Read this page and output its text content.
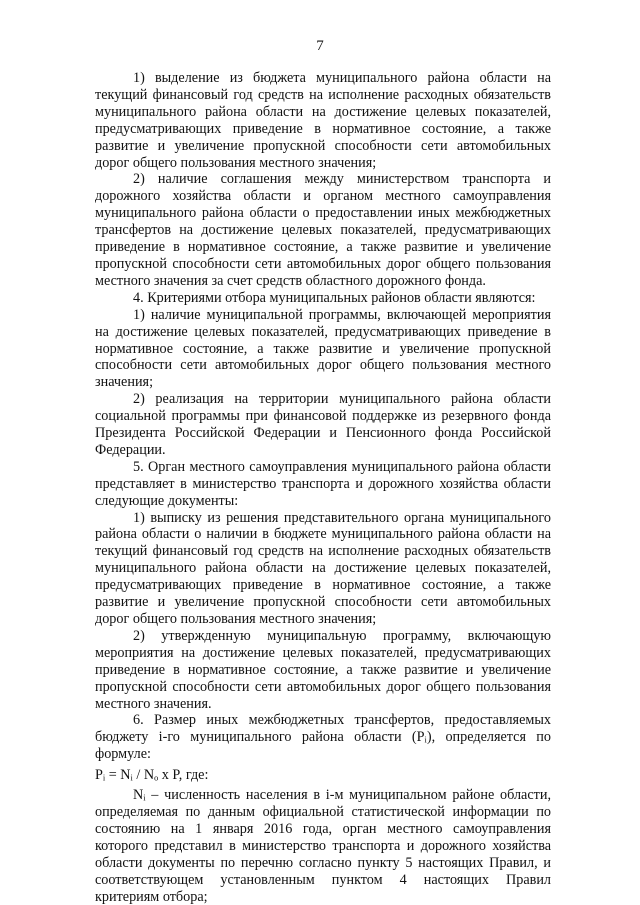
7

1) выделение из бюджета муниципального района области на текущий финансовый год средств на исполнение расходных обязательств муниципального района области на достижение целевых показателей, предусматривающих приведение в нормативное состояние, а также развитие и увеличение пропускной способности сети автомобильных дорог общего пользования местного значения;

2) наличие соглашения между министерством транспорта и дорожного хозяйства области и органом местного самоуправления муниципального района области о предоставлении иных межбюджетных трансфертов на достижение целевых показателей, предусматривающих приведение в нормативное состояние, а также развитие и увеличение пропускной способности сети автомобильных дорог общего пользования местного значения за счет средств областного дорожного фонда.

4. Критериями отбора муниципальных районов области являются:

1) наличие муниципальной программы, включающей мероприятия на достижение целевых показателей, предусматривающих приведение в нормативное состояние, а также развитие и увеличение пропускной способности сети автомобильных дорог общего пользования местного значения;

2) реализация на территории муниципального района области социальной программы при финансовой поддержке из резервного фонда Президента Российской Федерации и Пенсионного фонда Российской Федерации.

5. Орган местного самоуправления муниципального района области представляет в министерство транспорта и дорожного хозяйства области следующие документы:

1) выписку из решения представительного органа муниципального района области о наличии в бюджете муниципального района области на текущий финансовый год средств на исполнение расходных обязательств муниципального района области на достижение целевых показателей, предусматривающих приведение в нормативное состояние, а также развитие и увеличение пропускной способности сети автомобильных дорог общего пользования местного значения;

2) утвержденную муниципальную программу, включающую мероприятия на достижение целевых показателей, предусматривающих приведение в нормативное состояние, а также развитие и увеличение пропускной способности сети автомобильных дорог общего пользования местного значения.

6. Размер иных межбюджетных трансфертов, предоставляемых бюджету i-го муниципального района области (Pᵢ), определяется по формуле:

Pᵢ = Nᵢ / Nₒ x P, где:

Nᵢ – численность населения в i-м муниципальном районе области, определяемая по данным официальной статистической информации по состоянию на 1 января 2016 года, орган местного самоуправления которого представил в министерство транспорта и дорожного хозяйства области документы по перечню согласно пункту 5 настоящих Правил, и соответствующем установленным пунктом 4 настоящих Правил критериям отбора;
